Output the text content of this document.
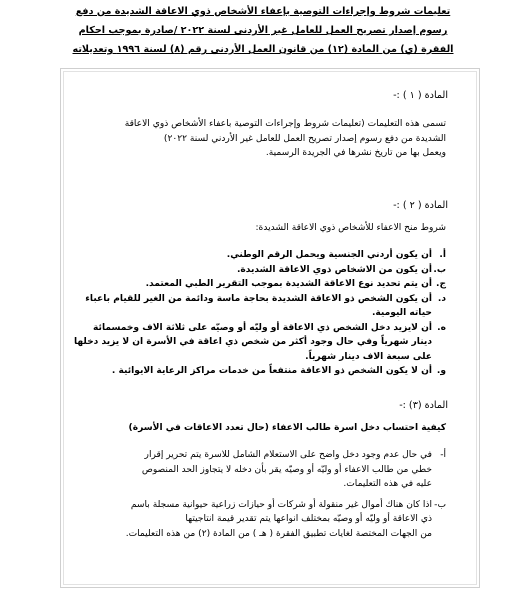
تعليمات شروط وإجراءات التوصية بإعفاء الأشخاص ذوي الاعاقة الشديدة من دفع
رسوم إصدار تصريح العمل للعامل غير الأردني لسنة ٢٠٢٢ /صادرة بموجب احكام
الفقرة (ي) من المادة (١٢) من قانون العمل الأردني رقم (٨) لسنة ١٩٩٦ وتعديلاته
المادة ( ١ ) :-
تسمى هذه التعليمات (تعليمات شروط وإجراءات التوصية باعفاء الأشخاص ذوي الاعاقة
الشديدة من دفع رسوم إصدار تصريح العمل للعامل غير الأردني لسنة ٢٠٢٢)
ويعمل بها من تاريخ نشرها في الجريدة الرسمية.
المادة ( ٢ ) :-
شروط منح الاعفاء للأشخاص ذوي الاعاقة الشديدة:
أ.
أن يكون أردني الجنسية ويحمل الرقم الوطني.
ب.
أن يكون من الاشخاص ذوي الاعاقة الشديدة.
ج.
أن يتم تحديد نوع الاعاقة الشديدة بموجب التقرير الطبي المعتمد.
د.
أن يكون الشخص ذو الاعاقة الشديدة بحاجة ماسة ودائمة من الغير للقيام باعباء
حياته اليومية.
ه.
أن لايزيد دخل الشخص ذي الاعاقة أو وليّه أو وصيّه على ثلاثة الاف وخمسمائة
دينار شهرياً وفي حال وجود أكثر من شخص ذي اعاقة في الأسرة ان لا يزيد دخلها
على سبعة الاف دينار شهرياً.
و.
أن لا يكون الشخص ذو الاعاقة منتفعاً من خدمات مراكز الرعاية الايوائية .
المادة (٣) :-
كيفية احتساب دخل اسرة طالب الاعفاء (حال تعدد الاعاقات في الأسرة)
أ-
في حال عدم وجود دخل واضح على الاستعلام الشامل للاسرة يتم تحرير إقرار
خطي من طالب الاعفاء أو وليّه أو وصيّه يقر بأن دخله لا يتجاوز الحد المنصوص
عليه في هذه التعليمات.
ب-
اذا كان هناك أموال غير منقولة أو شركات أو حيازات زراعية حيوانية مسجلة باسم
ذي الاعاقة أو وليّه أو وصيّه بمختلف انواعها يتم تقدير قيمة انتاجيتها
من الجهات المختصة لغايات تطبيق الفقرة ( هـ ) من المادة (٢) من هذه التعليمات.
